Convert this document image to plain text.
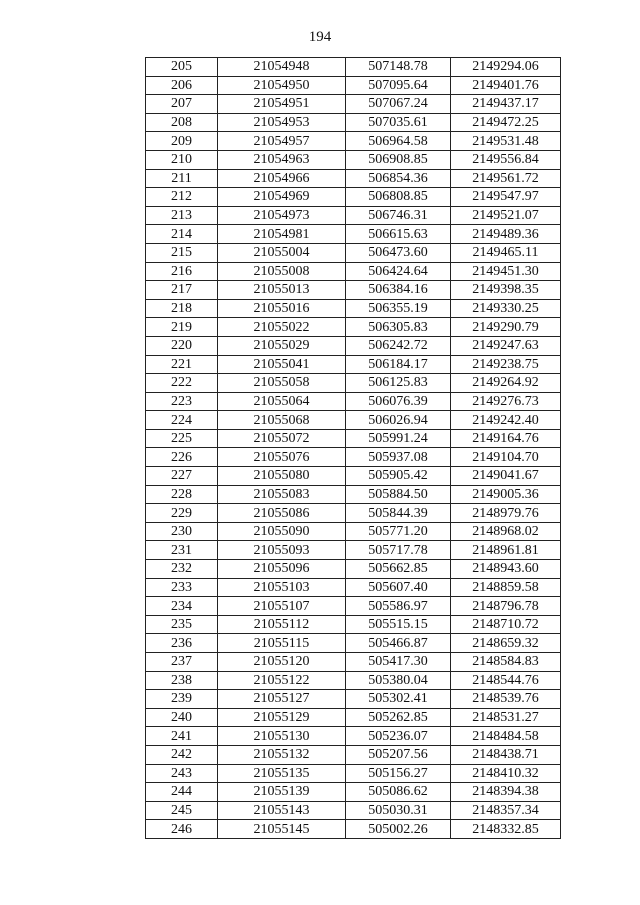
194
205	21054948	507148.78	2149294.06
206	21054950	507095.64	2149401.76
207	21054951	507067.24	2149437.17
208	21054953	507035.61	2149472.25
209	21054957	506964.58	2149531.48
210	21054963	506908.85	2149556.84
211	21054966	506854.36	2149561.72
212	21054969	506808.85	2149547.97
213	21054973	506746.31	2149521.07
214	21054981	506615.63	2149489.36
215	21055004	506473.60	2149465.11
216	21055008	506424.64	2149451.30
217	21055013	506384.16	2149398.35
218	21055016	506355.19	2149330.25
219	21055022	506305.83	2149290.79
220	21055029	506242.72	2149247.63
221	21055041	506184.17	2149238.75
222	21055058	506125.83	2149264.92
223	21055064	506076.39	2149276.73
224	21055068	506026.94	2149242.40
225	21055072	505991.24	2149164.76
226	21055076	505937.08	2149104.70
227	21055080	505905.42	2149041.67
228	21055083	505884.50	2149005.36
229	21055086	505844.39	2148979.76
230	21055090	505771.20	2148968.02
231	21055093	505717.78	2148961.81
232	21055096	505662.85	2148943.60
233	21055103	505607.40	2148859.58
234	21055107	505586.97	2148796.78
235	21055112	505515.15	2148710.72
236	21055115	505466.87	2148659.32
237	21055120	505417.30	2148584.83
238	21055122	505380.04	2148544.76
239	21055127	505302.41	2148539.76
240	21055129	505262.85	2148531.27
241	21055130	505236.07	2148484.58
242	21055132	505207.56	2148438.71
243	21055135	505156.27	2148410.32
244	21055139	505086.62	2148394.38
245	21055143	505030.31	2148357.34
246	21055145	505002.26	2148332.85
